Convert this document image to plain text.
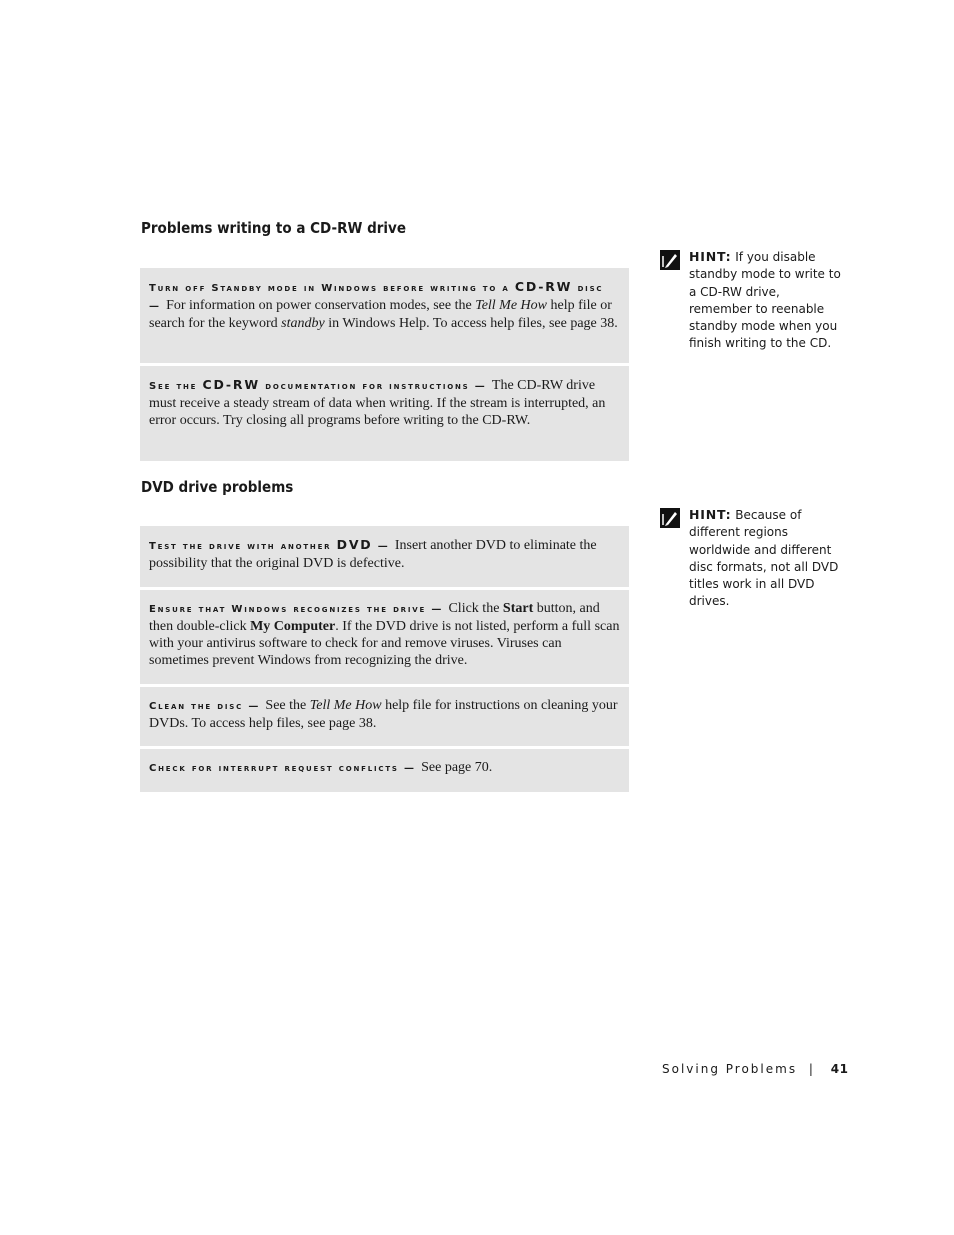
Problems writing to a CD-RW drive
Turn off Standby mode in Windows before writing to a CD-RW disc — For information on power conservation modes, see the Tell Me How help file or search for the keyword standby in Windows Help. To access help files, see page 38.
See the CD-RW documentation for instructions — The CD-RW drive must receive a steady stream of data when writing. If the stream is interrupted, an error occurs. Try closing all programs before writing to the CD-RW.
HINT: If you disable standby mode to write to a CD-RW drive, remember to reenable standby mode when you finish writing to the CD.
DVD drive problems
Test the drive with another DVD — Insert another DVD to eliminate the possibility that the original DVD is defective.
Ensure that Windows recognizes the drive — Click the Start button, and then double-click My Computer. If the DVD drive is not listed, perform a full scan with your antivirus software to check for and remove viruses. Viruses can sometimes prevent Windows from recognizing the drive.
Clean the disc — See the Tell Me How help file for instructions on cleaning your DVDs. To access help files, see page 38.
Check for interrupt request conflicts — See page 70.
HINT: Because of different regions worldwide and different disc formats, not all DVD titles work in all DVD drives.
Solving Problems | 41
